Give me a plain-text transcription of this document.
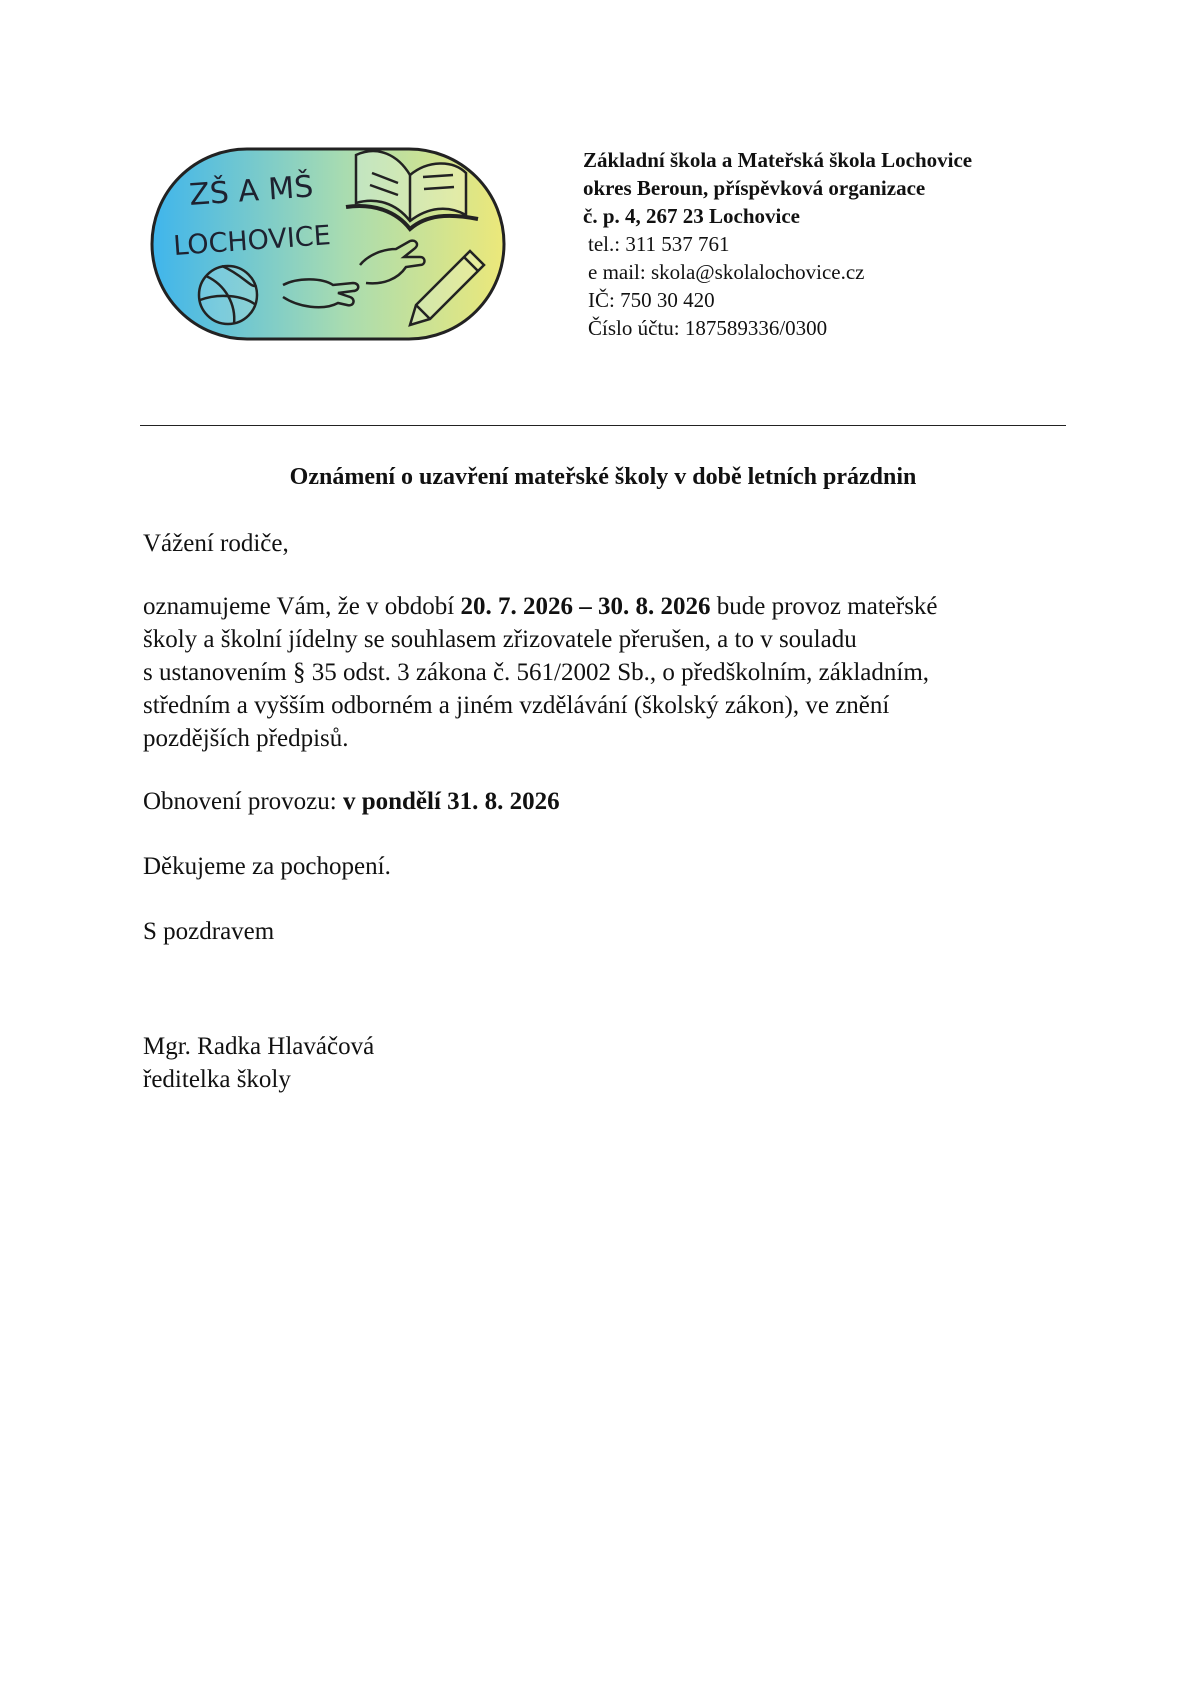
ZŠ A MŠ
LOCHOVICE
Základní škola a Mateřská škola Lochovice
okres Beroun, příspěvková organizace
č. p. 4, 267 23 Lochovice
tel.: 311 537 761
e mail: skola@skolalochovice.cz
IČ: 750 30 420
Číslo účtu: 187589336/0300
Oznámení o uzavření mateřské školy v době letních prázdnin
Vážení rodiče,
oznamujeme Vám, že v období 20. 7. 2026 – 30. 8. 2026 bude provoz mateřské
školy a školní jídelny se souhlasem zřizovatele přerušen, a to v souladu
s ustanovením § 35 odst. 3 zákona č. 561/2002 Sb., o předškolním, základním,
středním a vyšším odborném a jiném vzdělávání (školský zákon), ve znění
pozdějších předpisů.
Obnovení provozu: v pondělí 31. 8. 2026
Děkujeme za pochopení.
S pozdravem
Mgr. Radka Hlaváčová
ředitelka školy
